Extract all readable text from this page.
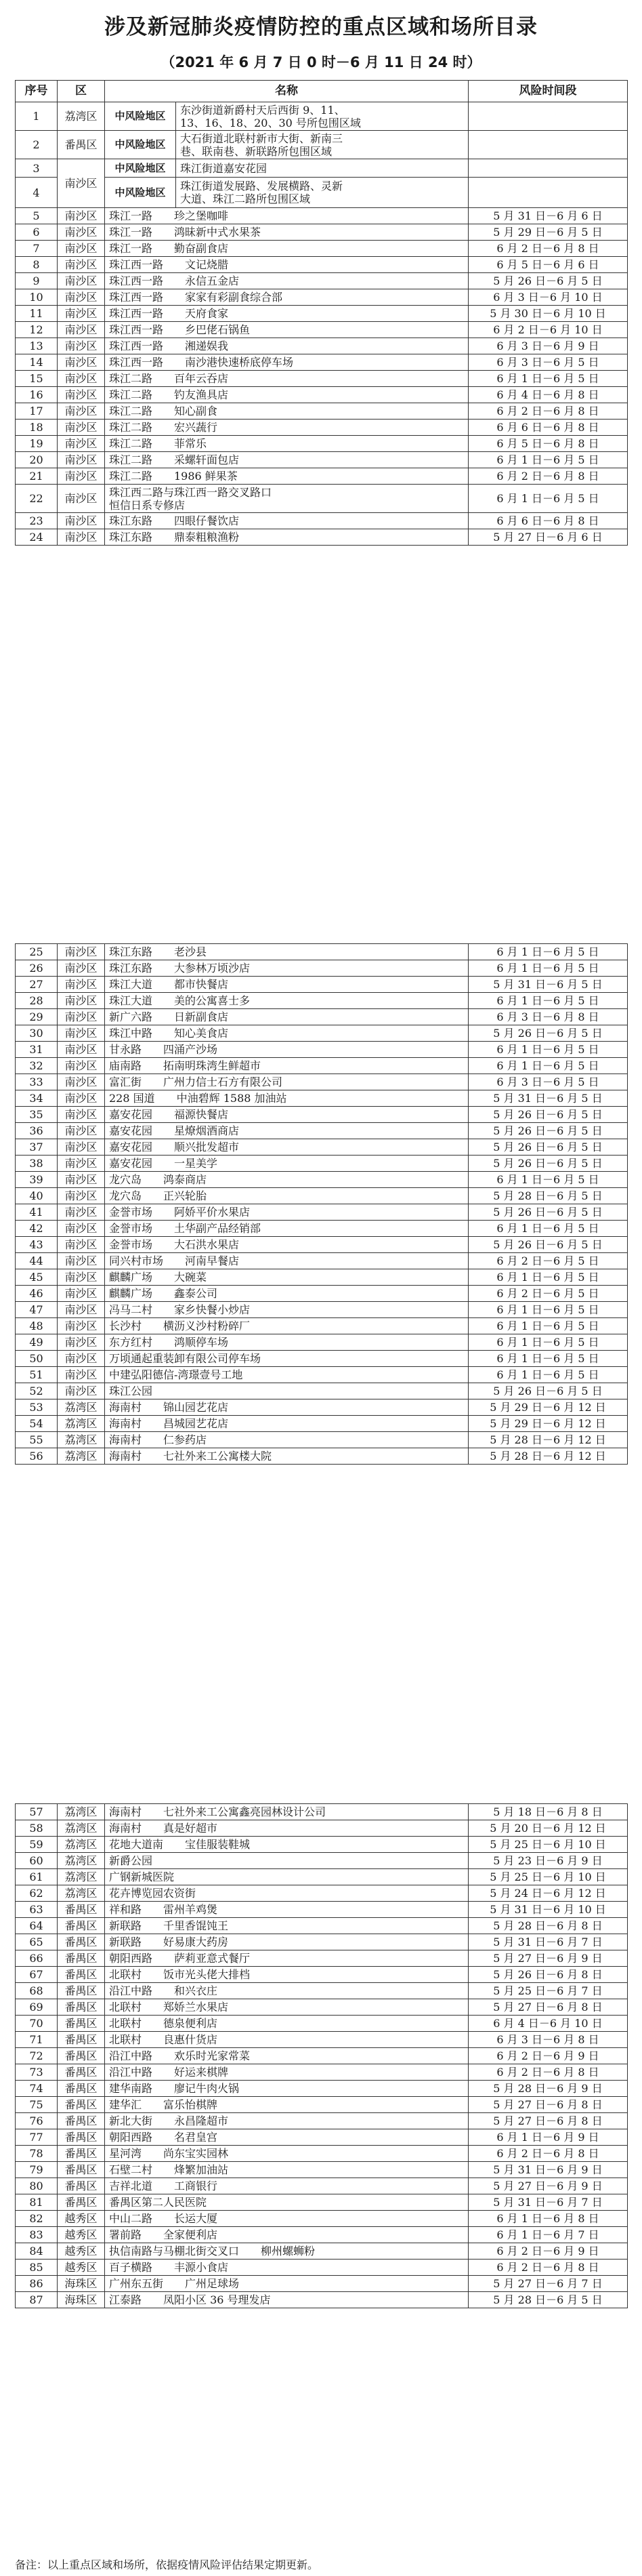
涉及新冠肺炎疫情防控的重点区域和场所目录
（2021 年 6 月 7 日 0 时－6 月 11 日 24 时）
序号	区	名称		风险时间段
1	荔湾区	中风险地区	东沙街道新爵村天后西街 9、11、
13、16、18、20、30 号所包围区域	
2	番禺区	中风险地区	大石街道北联村新市大街、新南三
巷、联南巷、新联路所包围区域	
3	南沙区	中风险地区	珠江街道嘉安花园	
4		中风险地区	珠江街道发展路、发展横路、灵新
大道、珠江二路所包围区域	
5	南沙区	珠江一路　　珍之堡咖啡		5 月 31 日－6 月 6 日
6	南沙区	珠江一路　　鸿昧新中式水果茶		5 月 29 日－6 月 5 日
7	南沙区	珠江一路　　勤奋副食店		6 月 2 日－6 月 8 日
8	南沙区	珠江西一路　　文记烧腊		6 月 5 日－6 月 6 日
9	南沙区	珠江西一路　　永信五金店		5 月 26 日－6 月 5 日
10	南沙区	珠江西一路　　家家有彩副食综合部		6 月 3 日－6 月 10 日
11	南沙区	珠江西一路　　天府食家		5 月 30 日－6 月 10 日
12	南沙区	珠江西一路　　乡巴佬石锅鱼		6 月 2 日－6 月 10 日
13	南沙区	珠江西一路　　湘递娱我		6 月 3 日－6 月 9 日
14	南沙区	珠江西一路　　南沙港快速桥底停车场		6 月 3 日－6 月 5 日
15	南沙区	珠江二路　　百年云吞店		6 月 1 日－6 月 5 日
16	南沙区	珠江二路　　钓友渔具店		6 月 4 日－6 月 8 日
17	南沙区	珠江二路　　知心副食		6 月 2 日－6 月 8 日
18	南沙区	珠江二路　　宏兴蔬行		6 月 6 日－6 月 8 日
19	南沙区	珠江二路　　菲常乐		6 月 5 日－6 月 8 日
20	南沙区	珠江二路　　采螺轩面包店		6 月 1 日－6 月 5 日
21	南沙区	珠江二路　　1986 鲜果茶		6 月 2 日－6 月 8 日
22	南沙区	珠江西二路与珠江西一路交叉路口
恒信日系专修店		6 月 1 日－6 月 5 日
23	南沙区	珠江东路　　四眼仔餐饮店		6 月 6 日－6 月 8 日
24	南沙区	珠江东路　　鼎泰粗粮渔粉		5 月 27 日－6 月 6 日
25	南沙区	珠江东路　　老沙县	6 月 1 日－6 月 5 日
26	南沙区	珠江东路　　大参林万顷沙店	6 月 1 日－6 月 5 日
27	南沙区	珠江大道　　都市快餐店	5 月 31 日－6 月 5 日
28	南沙区	珠江大道　　美的公寓喜士多	6 月 1 日－6 月 5 日
29	南沙区	新广六路　　日新副食店	6 月 3 日－6 月 8 日
30	南沙区	珠江中路　　知心美食店	5 月 26 日－6 月 5 日
31	南沙区	甘永路　　四涌产沙场	6 月 1 日－6 月 5 日
32	南沙区	庙南路　　拓南明珠湾生鲜超市	6 月 1 日－6 月 5 日
33	南沙区	富汇街　　广州力信士石方有限公司	6 月 3 日－6 月 5 日
34	南沙区	228 国道　　中油碧辉 1588 加油站	5 月 31 日－6 月 5 日
35	南沙区	嘉安花园　　福源快餐店	5 月 26 日－6 月 5 日
36	南沙区	嘉安花园　　星燎烟酒商店	5 月 26 日－6 月 5 日
37	南沙区	嘉安花园　　顺兴批发超市	5 月 26 日－6 月 5 日
38	南沙区	嘉安花园　　一星美学	5 月 26 日－6 月 5 日
39	南沙区	龙穴岛　　鸿泰商店	6 月 1 日－6 月 5 日
40	南沙区	龙穴岛　　正兴轮胎	5 月 28 日－6 月 5 日
41	南沙区	金誉市场　　阿娇平价水果店	5 月 26 日－6 月 5 日
42	南沙区	金誉市场　　土华副产品经销部	6 月 1 日－6 月 5 日
43	南沙区	金誉市场　　大石洪水果店	5 月 26 日－6 月 5 日
44	南沙区	同兴村市场　　河南早餐店	6 月 2 日－6 月 5 日
45	南沙区	麒麟广场　　大碗菜	6 月 1 日－6 月 5 日
46	南沙区	麒麟广场　　鑫泰公司	6 月 2 日－6 月 5 日
47	南沙区	冯马二村　　家乡快餐小炒店	6 月 1 日－6 月 5 日
48	南沙区	长沙村　　横沥义沙村粉碎厂	6 月 1 日－6 月 5 日
49	南沙区	东方红村　　鸿顺停车场	6 月 1 日－6 月 5 日
50	南沙区	万顷通起重装卸有限公司停车场	6 月 1 日－6 月 5 日
51	南沙区	中建弘阳德信-湾璟壹号工地	6 月 1 日－6 月 5 日
52	南沙区	珠江公园	5 月 26 日－6 月 5 日
53	荔湾区	海南村　　锦山园艺花店	5 月 29 日－6 月 12 日
54	荔湾区	海南村　　昌城园艺花店	5 月 29 日－6 月 12 日
55	荔湾区	海南村　　仁参药店	5 月 28 日－6 月 12 日
56	荔湾区	海南村　　七社外来工公寓楼大院	5 月 28 日－6 月 12 日
57	荔湾区	海南村　　七社外来工公寓鑫亮园林设计公司	5 月 18 日－6 月 8 日
58	荔湾区	海南村　　真是好超市	5 月 20 日－6 月 12 日
59	荔湾区	花地大道南　　宝佳服装鞋城	5 月 25 日－6 月 10 日
60	荔湾区	新爵公园	5 月 23 日－6 月 9 日
61	荔湾区	广钢新城医院	5 月 25 日－6 月 10 日
62	荔湾区	花卉博览园农资街	5 月 24 日－6 月 12 日
63	番禺区	祥和路　　雷州羊鸡煲	5 月 31 日－6 月 10 日
64	番禺区	新联路　　千里香馄饨王	5 月 28 日－6 月 8 日
65	番禺区	新联路　　好易康大药房	5 月 31 日－6 月 7 日
66	番禺区	朝阳西路　　萨莉亚意式餐厅	5 月 27 日－6 月 9 日
67	番禺区	北联村　　饭市光头佬大排档	5 月 26 日－6 月 8 日
68	番禺区	沿江中路　　和兴衣庄	5 月 25 日－6 月 7 日
69	番禺区	北联村　　郑娇兰水果店	5 月 27 日－6 月 8 日
70	番禺区	北联村　　德泉便利店	6 月 4 日－6 月 10 日
71	番禺区	北联村　　良惠什货店	6 月 3 日－6 月 8 日
72	番禺区	沿江中路　　欢乐时光家常菜	6 月 2 日－6 月 9 日
73	番禺区	沿江中路　　好运来棋牌	6 月 2 日－6 月 8 日
74	番禺区	建华南路　　廖记牛肉火锅	5 月 28 日－6 月 9 日
75	番禺区	建华汇　　富乐怡棋牌	5 月 27 日－6 月 8 日
76	番禺区	新北大街　　永昌隆超市	5 月 27 日－6 月 8 日
77	番禺区	朝阳西路　　名君皇宫	6 月 1 日－6 月 9 日
78	番禺区	星河湾　　尚东宝实园林	6 月 2 日－6 月 8 日
79	番禺区	石壁二村　　烽繁加油站	5 月 31 日－6 月 9 日
80	番禺区	吉祥北道　　工商银行	5 月 27 日－6 月 9 日
81	番禺区	番禺区第二人民医院	5 月 31 日－6 月 7 日
82	越秀区	中山二路　　长运大厦	6 月 1 日－6 月 8 日
83	越秀区	署前路　　全家便利店	6 月 1 日－6 月 7 日
84	越秀区	执信南路与马棚北街交叉口　　柳州螺蛳粉	6 月 2 日－6 月 9 日
85	越秀区	百子横路　　丰源小食店	6 月 2 日－6 月 8 日
86	海珠区	广州东五街　　广州足球场	5 月 27 日－6 月 7 日
87	海珠区	江泰路　　凤阳小区 36 号理发店	5 月 28 日－6 月 5 日
备注：以上重点区域和场所，依据疫情风险评估结果定期更新。
